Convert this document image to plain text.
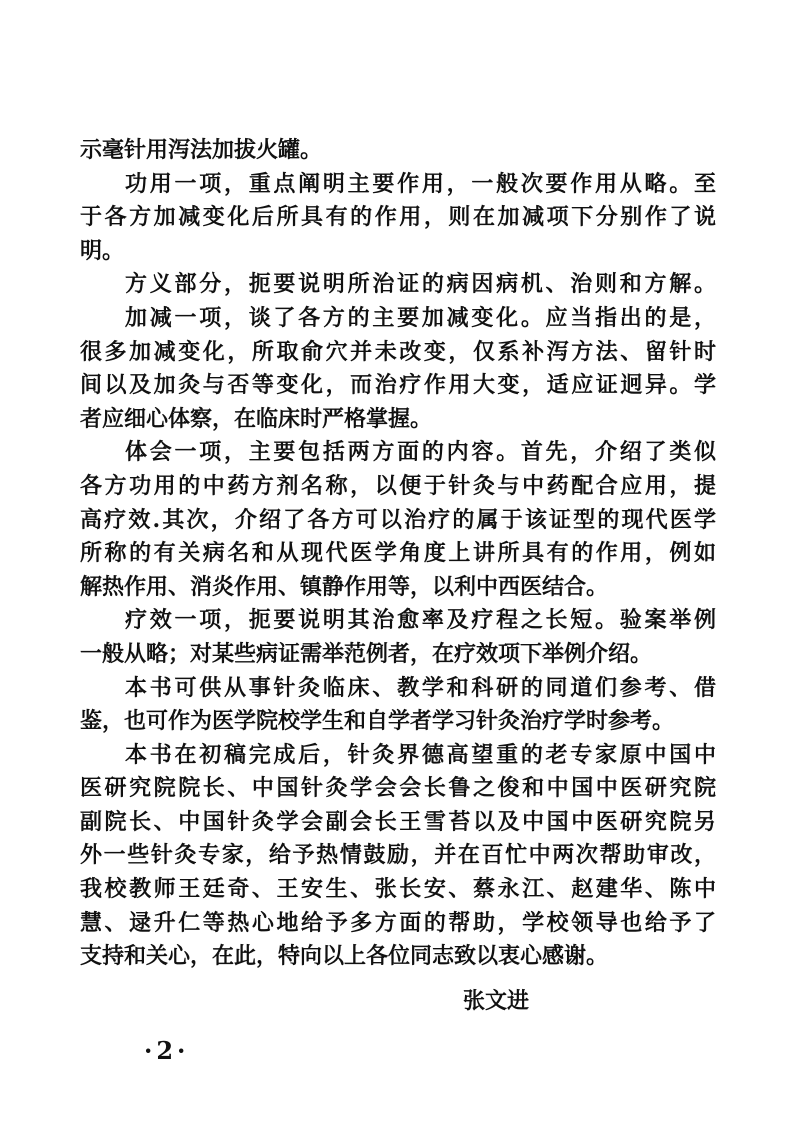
示毫针用泻法加拔火罐。
功用一项，重点阐明主要作用，一般次要作用从略。至
于各方加减变化后所具有的作用，则在加减项下分别作了说
明。
方义部分，扼要说明所治证的病因病机、治则和方解。
加减一项，谈了各方的主要加减变化。应当指出的是，
很多加减变化，所取俞穴并未改变，仅系补泻方法、留针时
间以及加灸与否等变化，而治疗作用大变，适应证迥异。学
者应细心体察，在临床时严格掌握。
体会一项，主要包括两方面的内容。首先，介绍了类似
各方功用的中药方剂名称，以便于针灸与中药配合应用，提
高疗效.其次，介绍了各方可以治疗的属于该证型的现代医学
所称的有关病名和从现代医学角度上讲所具有的作用，例如
解热作用、消炎作用、镇静作用等，以利中西医结合。
疗效一项，扼要说明其治愈率及疗程之长短。验案举例
一般从略；对某些病证需举范例者，在疗效项下举例介绍。
本书可供从事针灸临床、教学和科研的同道们参考、借
鉴，也可作为医学院校学生和自学者学习针灸治疗学时参考。
本书在初稿完成后，针灸界德高望重的老专家原中国中
医研究院院长、中国针灸学会会长鲁之俊和中国中医研究院
副院长、中国针灸学会副会长王雪苔以及中国中医研究院另
外一些针灸专家，给予热情鼓励，并在百忙中两次帮助审改，
我校教师王廷奇、王安生、张长安、蔡永江、赵建华、陈中
慧、逯升仁等热心地给予多方面的帮助，学校领导也给予了
支持和关心，在此，特向以上各位同志致以衷心感谢。
张文进
·2·
